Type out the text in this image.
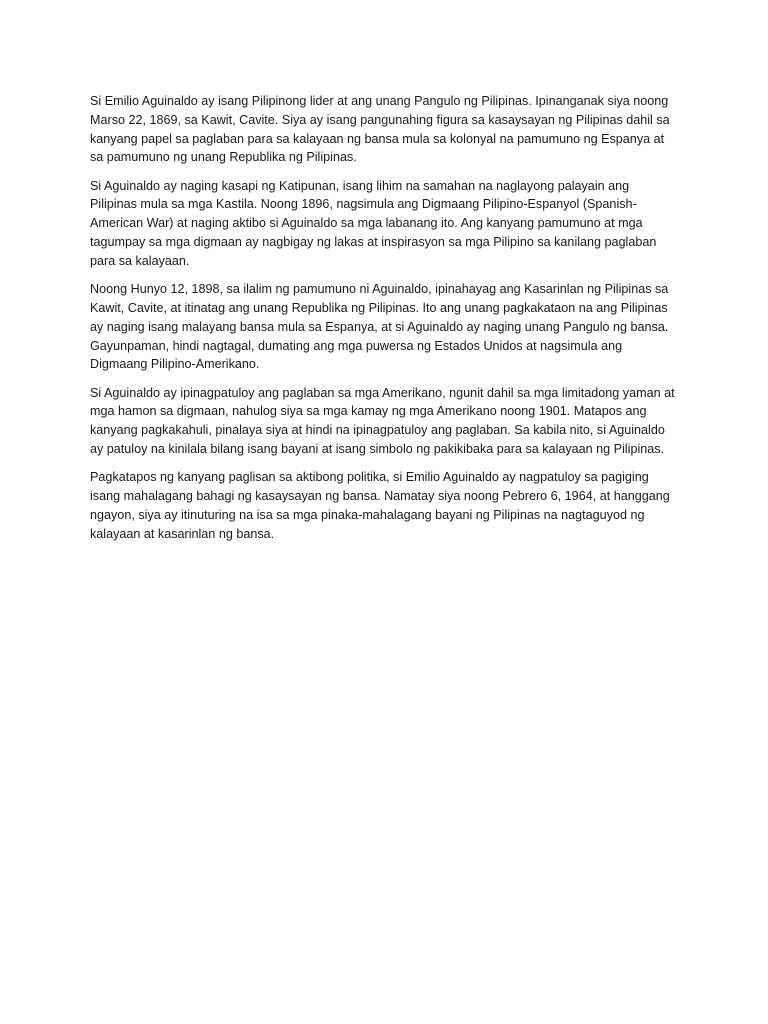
Si Emilio Aguinaldo ay isang Pilipinong lider at ang unang Pangulo ng Pilipinas. Ipinanganak siya noong Marso 22, 1869, sa Kawit, Cavite. Siya ay isang pangunahing figura sa kasaysayan ng Pilipinas dahil sa kanyang papel sa paglaban para sa kalayaan ng bansa mula sa kolonyal na pamumuno ng Espanya at sa pamumuno ng unang Republika ng Pilipinas.

Si Aguinaldo ay naging kasapi ng Katipunan, isang lihim na samahan na naglayong palayain ang Pilipinas mula sa mga Kastila. Noong 1896, nagsimula ang Digmaang Pilipino-Espanyol (Spanish-American War) at naging aktibo si Aguinaldo sa mga labanang ito. Ang kanyang pamumuno at mga tagumpay sa mga digmaan ay nagbigay ng lakas at inspirasyon sa mga Pilipino sa kanilang paglaban para sa kalayaan.

Noong Hunyo 12, 1898, sa ilalim ng pamumuno ni Aguinaldo, ipinahayag ang Kasarinlan ng Pilipinas sa Kawit, Cavite, at itinatag ang unang Republika ng Pilipinas. Ito ang unang pagkakataon na ang Pilipinas ay naging isang malayang bansa mula sa Espanya, at si Aguinaldo ay naging unang Pangulo ng bansa. Gayunpaman, hindi nagtagal, dumating ang mga puwersa ng Estados Unidos at nagsimula ang Digmaang Pilipino-Amerikano.

Si Aguinaldo ay ipinagpatuloy ang paglaban sa mga Amerikano, ngunit dahil sa mga limitadong yaman at mga hamon sa digmaan, nahulog siya sa mga kamay ng mga Amerikano noong 1901. Matapos ang kanyang pagkakahuli, pinalaya siya at hindi na ipinagpatuloy ang paglaban. Sa kabila nito, si Aguinaldo ay patuloy na kinilala bilang isang bayani at isang simbolo ng pakikibaka para sa kalayaan ng Pilipinas.

Pagkatapos ng kanyang paglisan sa aktibong politika, si Emilio Aguinaldo ay nagpatuloy sa pagiging isang mahalagang bahagi ng kasaysayan ng bansa. Namatay siya noong Pebrero 6, 1964, at hanggang ngayon, siya ay itinuturing na isa sa mga pinaka-mahalagang bayani ng Pilipinas na nagtaguyod ng kalayaan at kasarinlan ng bansa.
